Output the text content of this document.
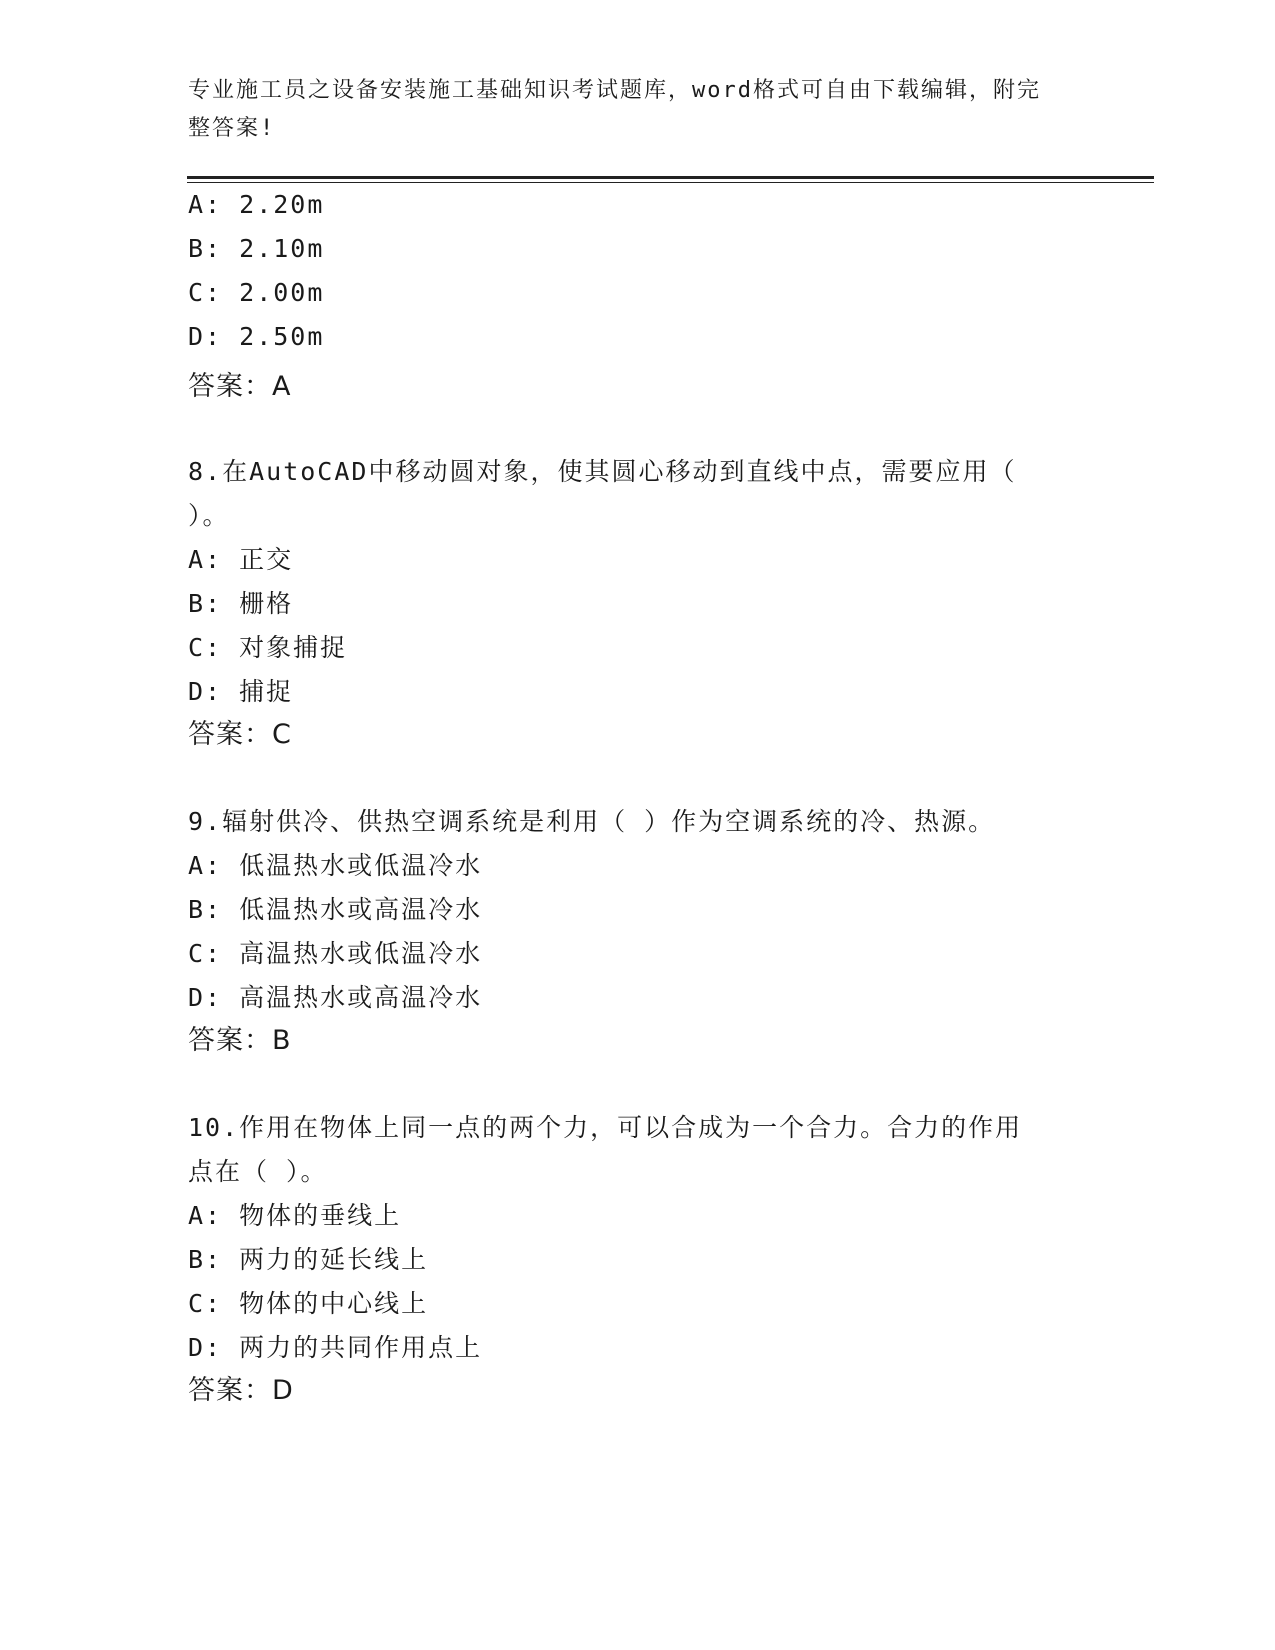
专业施工员之设备安装施工基础知识考试题库，word格式可自由下载编辑，附完
整答案!
A: 2.20m
B: 2.10m
C: 2.00m
D: 2.50m
答案：A
8.在AutoCAD中移动圆对象，使其圆心移动到直线中点，需要应用（
）。
A: 正交
B: 栅格
C: 对象捕捉
D: 捕捉
答案：C
9.辐射供冷、供热空调系统是利用（ ）作为空调系统的冷、热源。
A: 低温热水或低温冷水
B: 低温热水或高温冷水
C: 高温热水或低温冷水
D: 高温热水或高温冷水
答案：B
10.作用在物体上同一点的两个力，可以合成为一个合力。合力的作用
点在（ ）。
A: 物体的垂线上
B: 两力的延长线上
C: 物体的中心线上
D: 两力的共同作用点上
答案：D
